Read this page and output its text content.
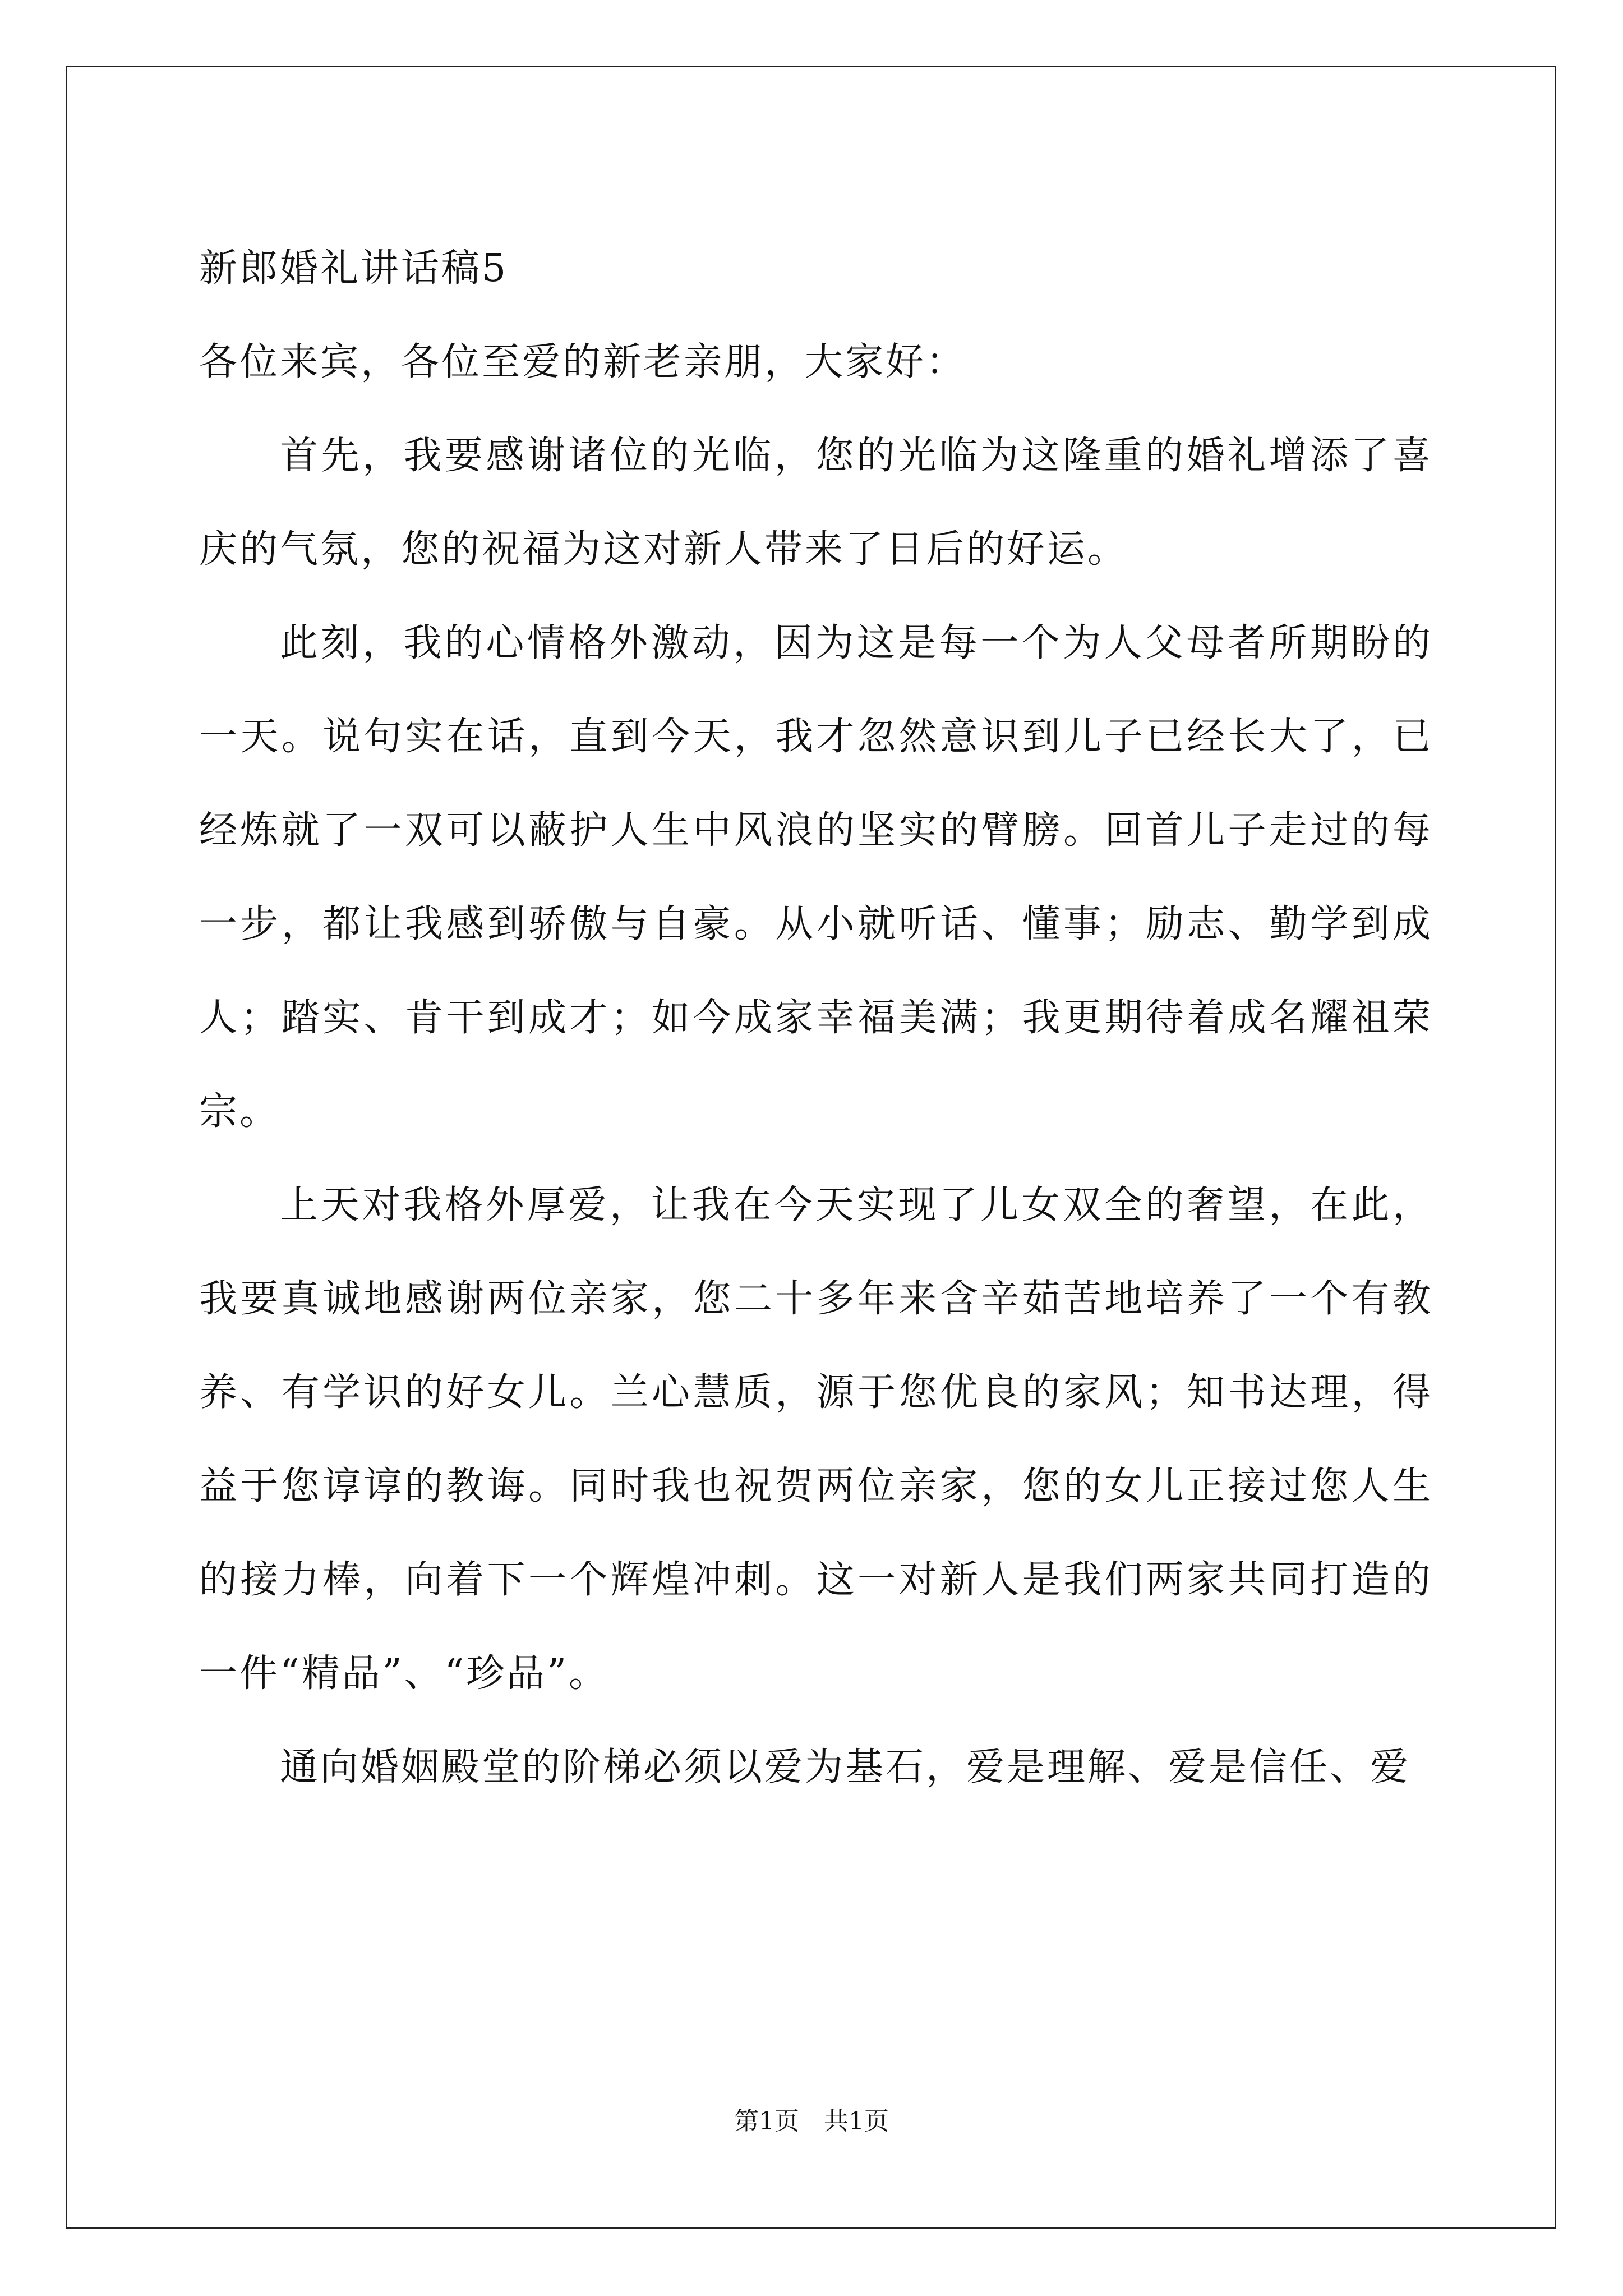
新郎婚礼讲话稿5

各位来宾，各位至爱的新老亲朋，大家好：

首先，我要感谢诸位的光临，您的光临为这隆重的婚礼增添了喜庆的气氛，您的祝福为这对新人带来了日后的好运。

此刻，我的心情格外激动，因为这是每一个为人父母者所期盼的一天。说句实在话，直到今天，我才忽然意识到儿子已经长大了，已经炼就了一双可以蔽护人生中风浪的坚实的臂膀。回首儿子走过的每一步，都让我感到骄傲与自豪。从小就听话、懂事；励志、勤学到成人；踏实、肯干到成才；如今成家幸福美满；我更期待着成名耀祖荣宗。

上天对我格外厚爱，让我在今天实现了儿女双全的奢望，在此，我要真诚地感谢两位亲家，您二十多年来含辛茹苦地培养了一个有教养、有学识的好女儿。兰心慧质，源于您优良的家风；知书达理，得益于您谆谆的教诲。同时我也祝贺两位亲家，您的女儿正接过您人生的接力棒，向着下一个辉煌冲刺。这一对新人是我们两家共同打造的一件“精品”、“珍品”。

通向婚姻殿堂的阶梯必须以爱为基石，爱是理解、爱是信任、爱

第1页　共1页
